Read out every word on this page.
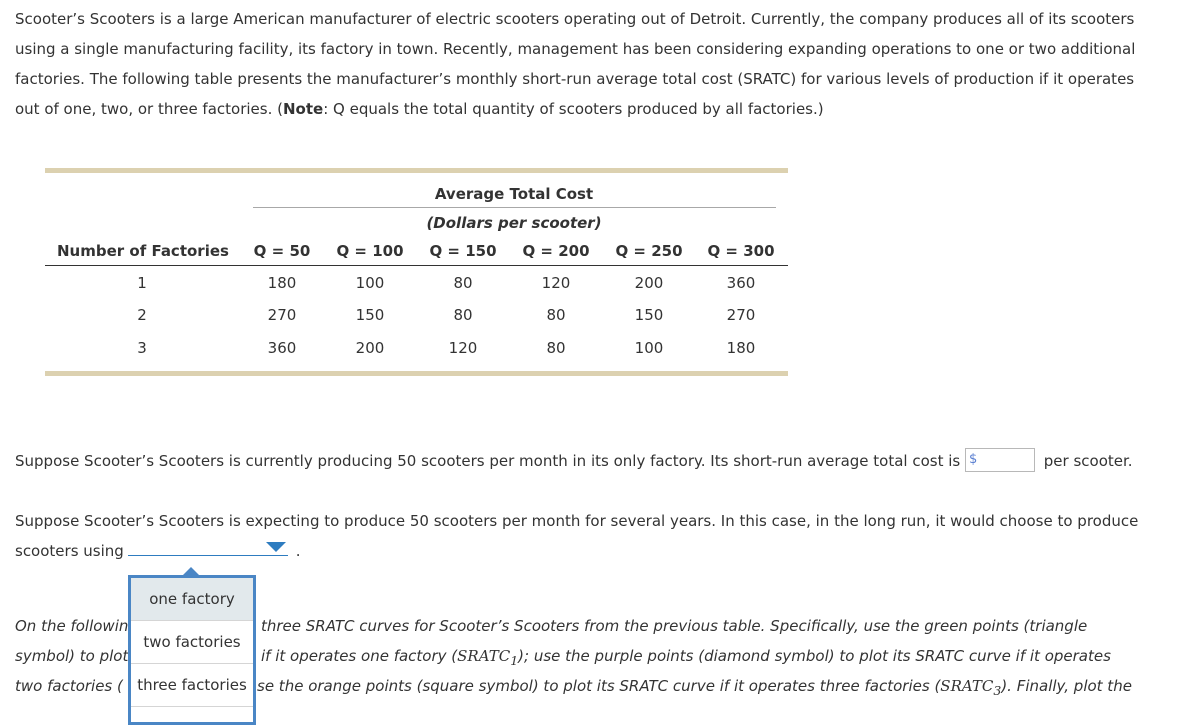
Scooter’s Scooters is a large American manufacturer of electric scooters operating out of Detroit. Currently, the company produces all of its scooters
using a single manufacturing facility, its factory in town. Recently, management has been considering expanding operations to one or two additional
factories. The following table presents the manufacturer’s monthly short-run average total cost (SRATC) for various levels of production if it operates
out of one, two, or three factories. (Note: Q equals the total quantity of scooters produced by all factories.)
Average Total Cost
(Dollars per scooter)
Number of Factories Q = 50 Q = 100 Q = 150 Q = 200 Q = 250 Q = 300
1	180	100	80	120	200	360
2	270	150	80	80	150	270
3	360	200	120	80	100	180
Suppose Scooter’s Scooters is currently producing 50 scooters per month in its only factory. Its short-run average total cost is $	per scooter.
Suppose Scooter’s Scooters is expecting to produce 50 scooters per month for several years. In this case, in the long run, it would choose to produce
scooters using	.
On the followin	three SRATC curves for Scooter’s Scooters from the previous table. Specifically, use the green points (triangle
symbol) to plot	if it operates one factory $(SRATC_1)$; use the purple points (diamond symbol) to plot its SRATC curve if it operates
two factories (	se the orange points (square symbol) to plot its SRATC curve if it operates three factories $(SRATC_3)$. Finally, plot the
one factory
two factories
three factories
